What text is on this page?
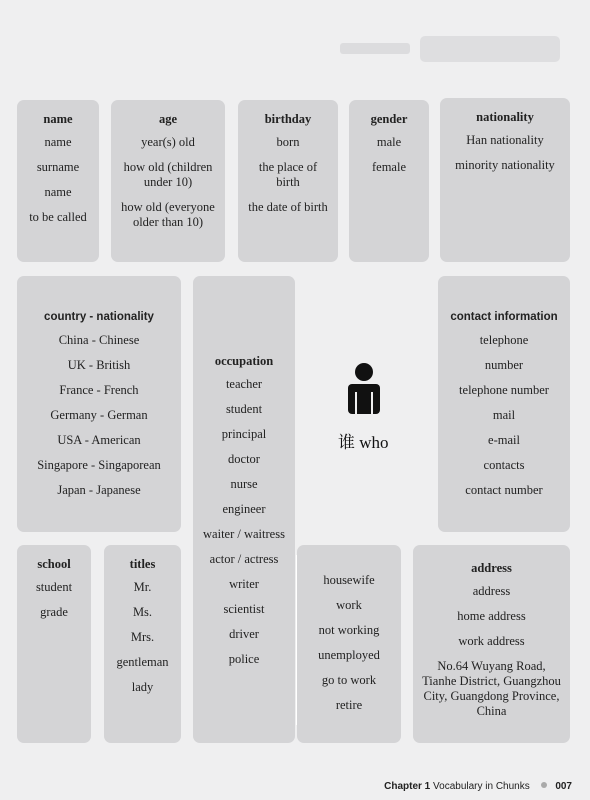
name
name
surname
name
to be called
age
year(s) old
how old (children under 10)
how old (everyone older than 10)
birthday
born
the place of birth
the date of birth
gender
male
female
nationality
Han nationality
minority nationality
country - nationality
China - Chinese
UK - British
France - French
Germany - German
USA - American
Singapore - Singaporean
Japan - Japanese
occupation
teacher
student
principal
doctor
nurse
engineer
waiter / waitress
actor / actress
writer
scientist
driver
police
contact information
telephone
number
telephone number
mail
e-mail
contacts
contact number
谁 who
school
student
grade
titles
Mr.
Ms.
Mrs.
gentleman
lady
housewife
work
not working
unemployed
go to work
retire
address
address
home address
work address
No.64 Wuyang Road, Tianhe District, Guangzhou City, Guangdong Province, China
Chapter 1 Vocabulary in Chunks	007
